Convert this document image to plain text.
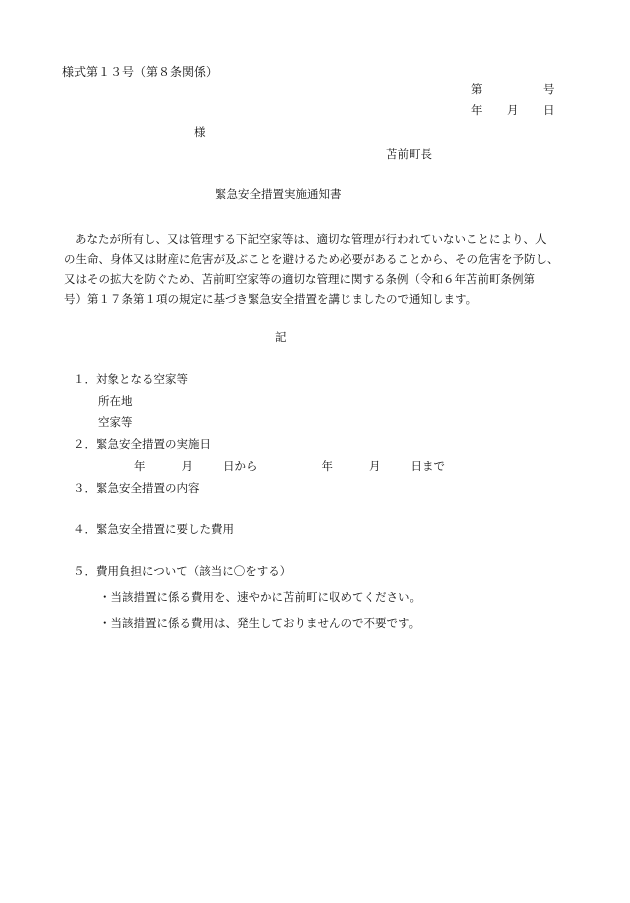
様式第１３号（第８条関係）
第	号
年 月 日
様
苫前町長
緊急安全措置実施通知書
あなたが所有し、又は管理する下記空家等は、適切な管理が行われていないことにより、人
の生命、身体又は財産に危害が及ぶことを避けるため必要があることから、その危害を予防し、
又はその拡大を防ぐため、苫前町空家等の適切な管理に関する条例（令和６年苫前町条例第
号）第１７条第１項の規定に基づき緊急安全措置を講じましたので通知します。
記
１．対象となる空家等
所在地
空家等
２．緊急安全措置の実施日
年	月	日から	年	月	日まで
３．緊急安全措置の内容
４．緊急安全措置に要した費用
５．費用負担について（該当に〇をする）
・当該措置に係る費用を、速やかに苫前町に収めてください。
・当該措置に係る費用は、発生しておりませんので不要です。
